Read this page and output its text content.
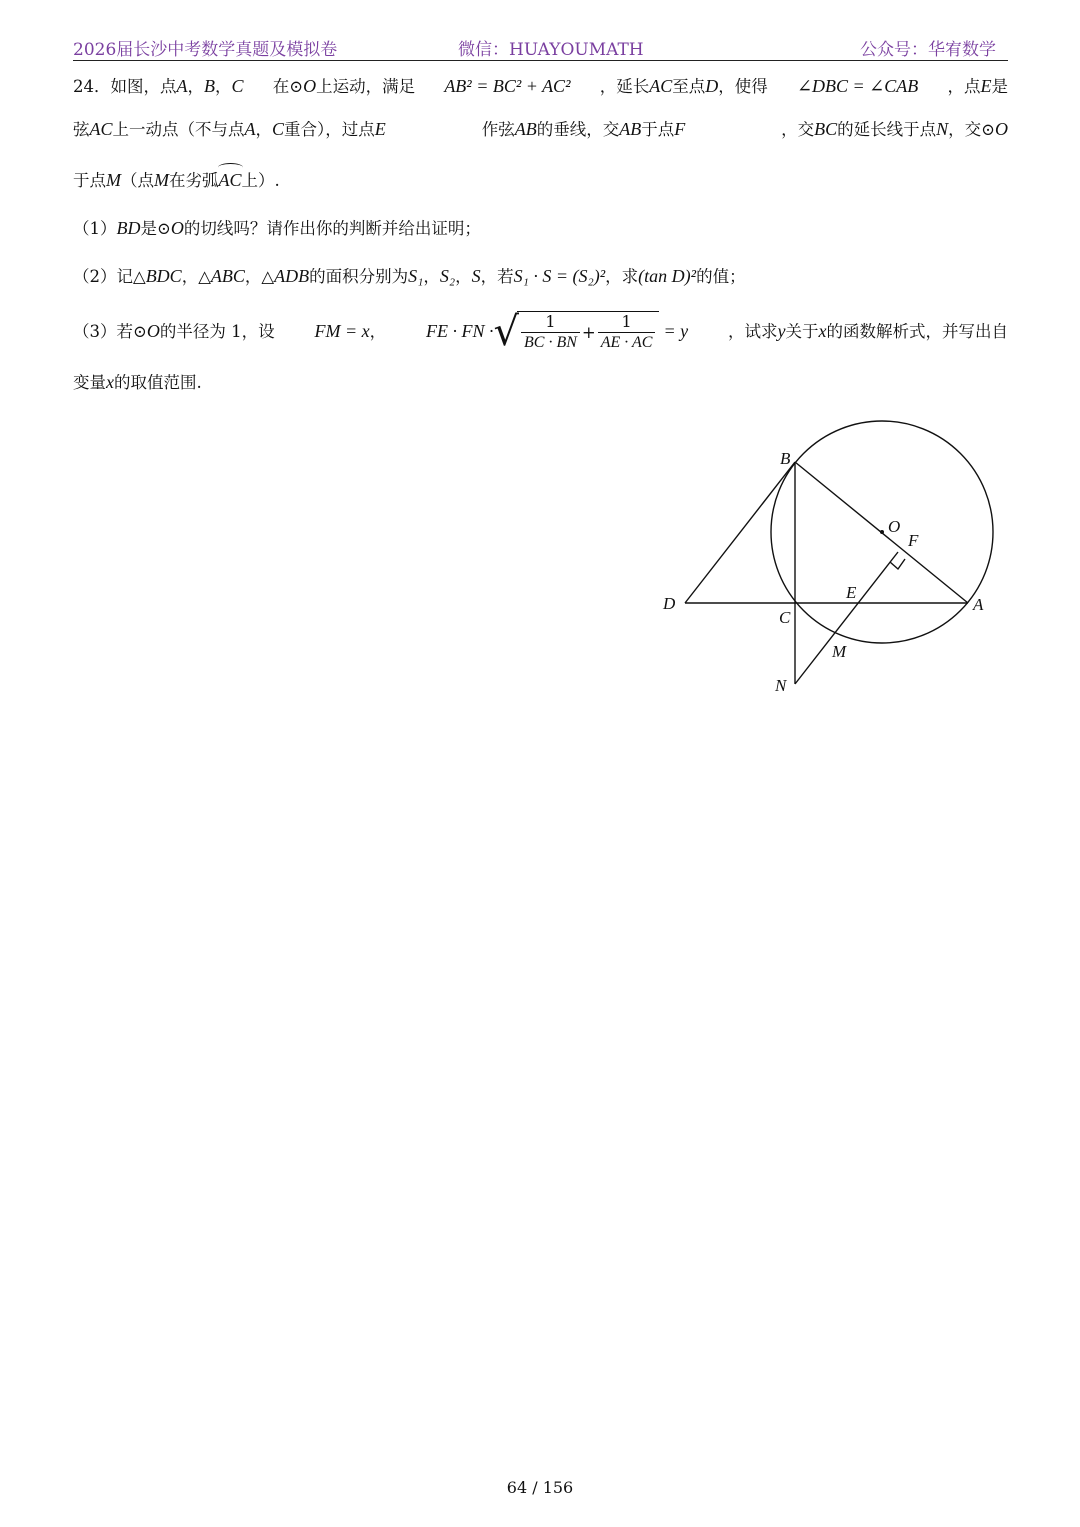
2026届长沙中考数学真题及模拟卷	微信：HUAYOUMATH	公众号：华宥数学
24．如图，点A，B，C 在⊙O上运动，满足 AB² = BC² + AC² ，延长AC至点D，使得 ∠DBC = ∠CAB ，点E是
弦AC上一动点（不与点A，C重合），过点E	作弦AB的垂线，交AB于点F	，交BC的延长线于点N，交⊙O
于点M（点M在劣弧AC上）.
（1）BD是⊙O的切线吗？请作出你的判断并给出证明；
（2）记△BDC，△ABC，△ADB的面积分别为S₁，S₂，S，若S₁ · S = (S₂)²，求(tan D)²的值；
（3）若⊙O的半径为 1，设 FM = x， FE · FN · √ $\frac{1}{BC \cdot BN} + \frac{1}{AE \cdot AC} = y$ ，试求y关于x的函数解析式，并写出自
变量x的取值范围.
B
O
F
D
E
A
C
M
N
64 / 156
